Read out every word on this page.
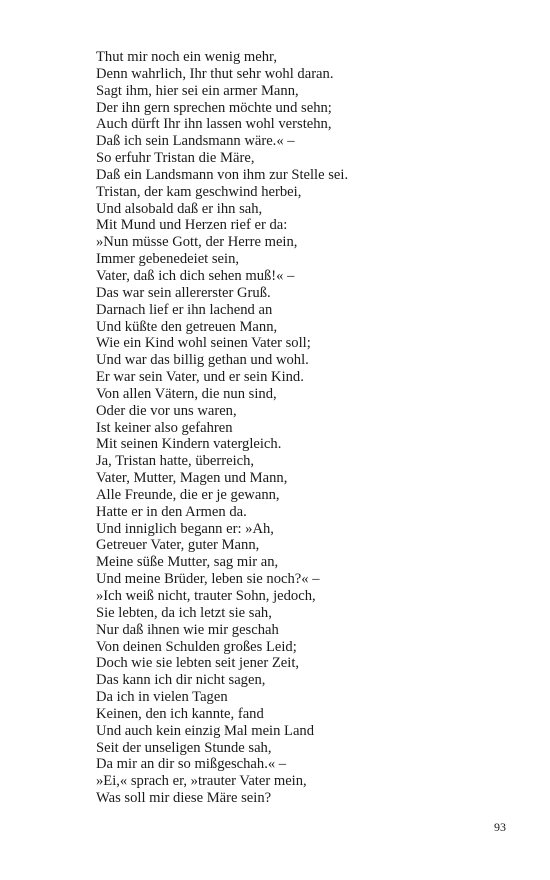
Thut mir noch ein wenig mehr,
Denn wahrlich, Ihr thut sehr wohl daran.
Sagt ihm, hier sei ein armer Mann,
Der ihn gern sprechen möchte und sehn;
Auch dürft Ihr ihn lassen wohl verstehn,
Daß ich sein Landsmann wäre.« –
So erfuhr Tristan die Märe,
Daß ein Landsmann von ihm zur Stelle sei.
Tristan, der kam geschwind herbei,
Und alsobald daß er ihn sah,
Mit Mund und Herzen rief er da:
»Nun müsse Gott, der Herre mein,
Immer gebenedeiet sein,
Vater, daß ich dich sehen muß!« –
Das war sein allererster Gruß.
Darnach lief er ihn lachend an
Und küßte den getreuen Mann,
Wie ein Kind wohl seinen Vater soll;
Und war das billig gethan und wohl.
Er war sein Vater, und er sein Kind.
Von allen Vätern, die nun sind,
Oder die vor uns waren,
Ist keiner also gefahren
Mit seinen Kindern vatergleich.
Ja, Tristan hatte, überreich,
Vater, Mutter, Magen und Mann,
Alle Freunde, die er je gewann,
Hatte er in den Armen da.
Und inniglich begann er: »Ah,
Getreuer Vater, guter Mann,
Meine süße Mutter, sag mir an,
Und meine Brüder, leben sie noch?« –
»Ich weiß nicht, trauter Sohn, jedoch,
Sie lebten, da ich letzt sie sah,
Nur daß ihnen wie mir geschah
Von deinen Schulden großes Leid;
Doch wie sie lebten seit jener Zeit,
Das kann ich dir nicht sagen,
Da ich in vielen Tagen
Keinen, den ich kannte, fand
Und auch kein einzig Mal mein Land
Seit der unseligen Stunde sah,
Da mir an dir so mißgeschah.« –
»Ei,« sprach er, »trauter Vater mein,
Was soll mir diese Märe sein?
93
